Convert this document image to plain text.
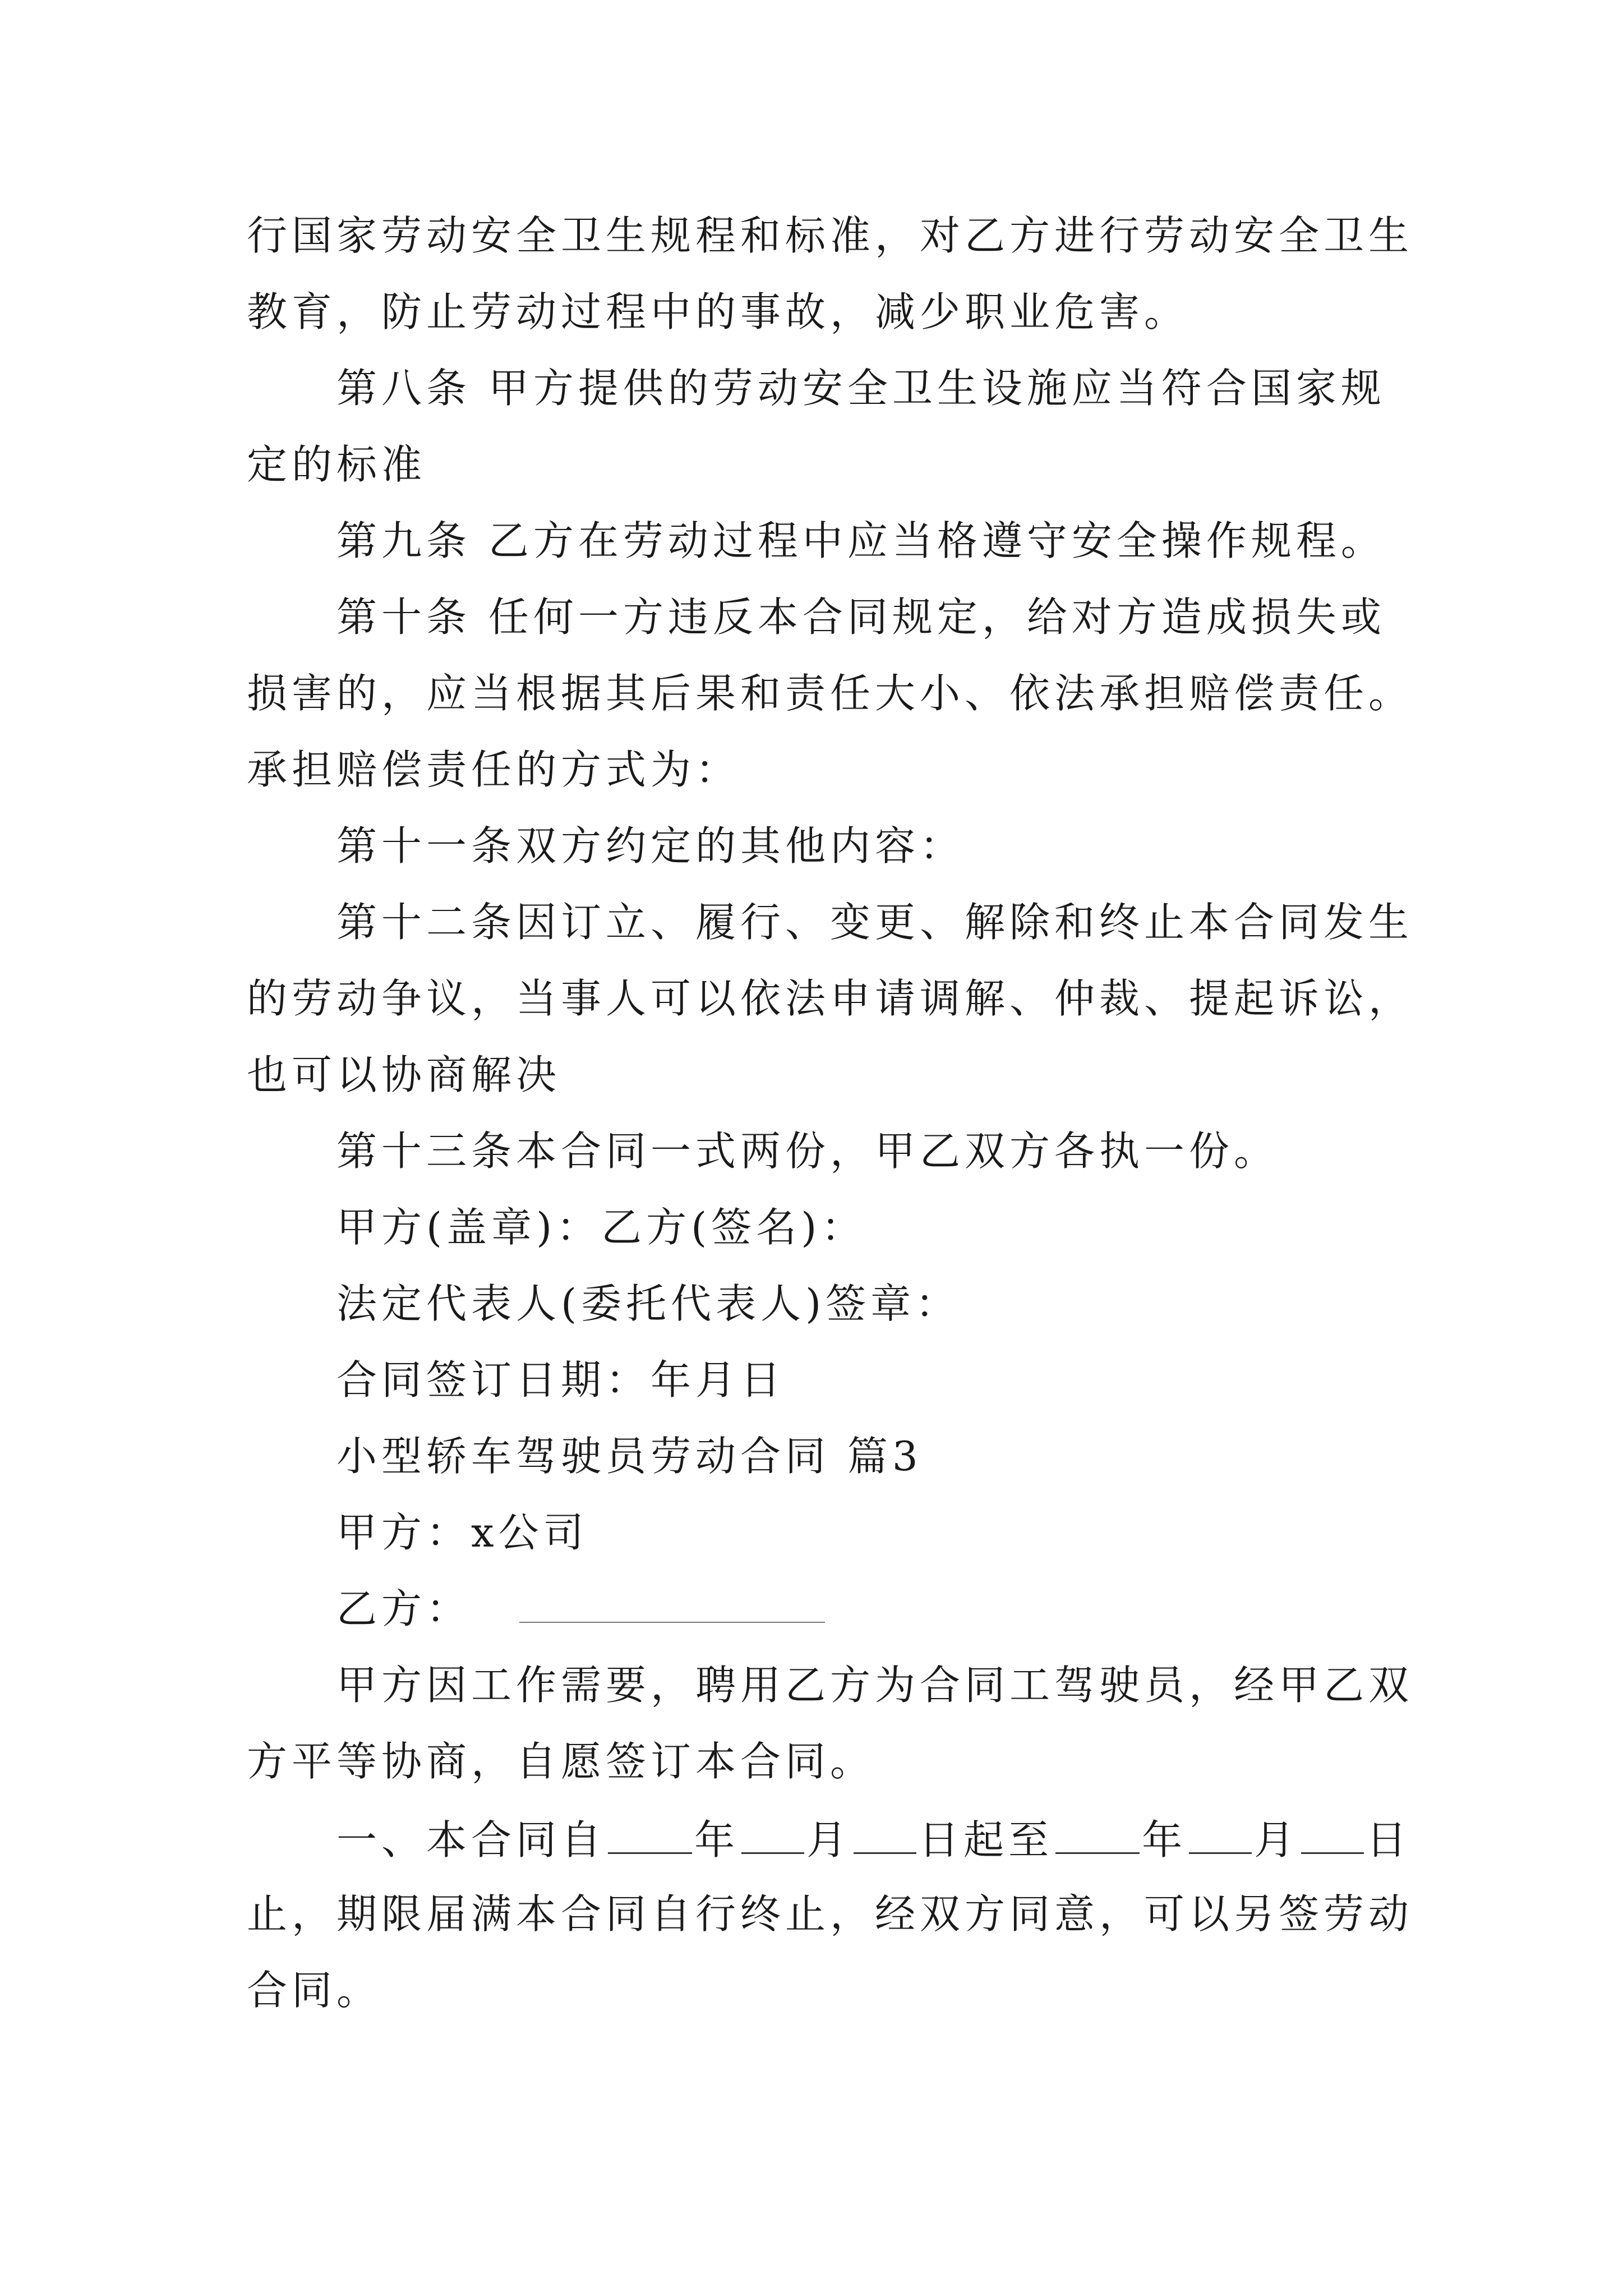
行国家劳动安全卫生规程和标准，对乙方进行劳动安全卫生
教育，防止劳动过程中的事故，减少职业危害。
第八条 甲方提供的劳动安全卫生设施应当符合国家规
定的标准
第九条 乙方在劳动过程中应当格遵守安全操作规程。
第十条 任何一方违反本合同规定，给对方造成损失或
损害的，应当根据其后果和责任大小、依法承担赔偿责任。
承担赔偿责任的方式为：
第十一条双方约定的其他内容：
第十二条因订立、履行、变更、解除和终止本合同发生
的劳动争议，当事人可以依法申请调解、仲裁、提起诉讼，
也可以协商解决
第十三条本合同一式两份，甲乙双方各执一份。
甲方(盖章)：乙方(签名)：
法定代表人(委托代表人)签章：
合同签订日期：年月日
小型轿车驾驶员劳动合同 篇3
甲方：x公司
乙方：
甲方因工作需要，聘用乙方为合同工驾驶员，经甲乙双
方平等协商，自愿签订本合同。
一、本合同自 年 月 日起至 年 月 日
止，期限届满本合同自行终止，经双方同意，可以另签劳动
合同。
